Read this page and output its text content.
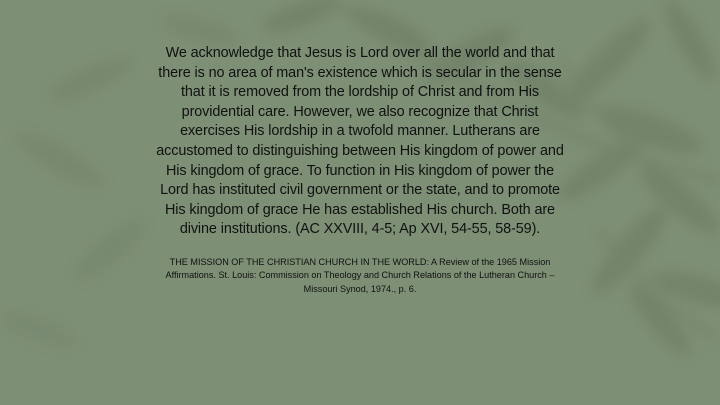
We acknowledge that Jesus is Lord over all the world and that there is no area of man's existence which is secular in the sense that it is removed from the lordship of Christ and from His providential care. However, we also recognize that Christ exercises His lordship in a twofold manner. Lutherans are accustomed to distinguishing between His kingdom of power and His kingdom of grace. To function in His kingdom of power the Lord has instituted civil government or the state, and to promote His kingdom of grace He has established His church. Both are divine institutions. (AC XXVIII, 4-5; Ap XVI, 54-55, 58-59).

THE MISSION OF THE CHRISTIAN CHURCH IN THE WORLD: A Review of the 1965 Mission Affirmations. St. Louis: Commission on Theology and Church Relations of the Lutheran Church – Missouri Synod, 1974., p. 6.
